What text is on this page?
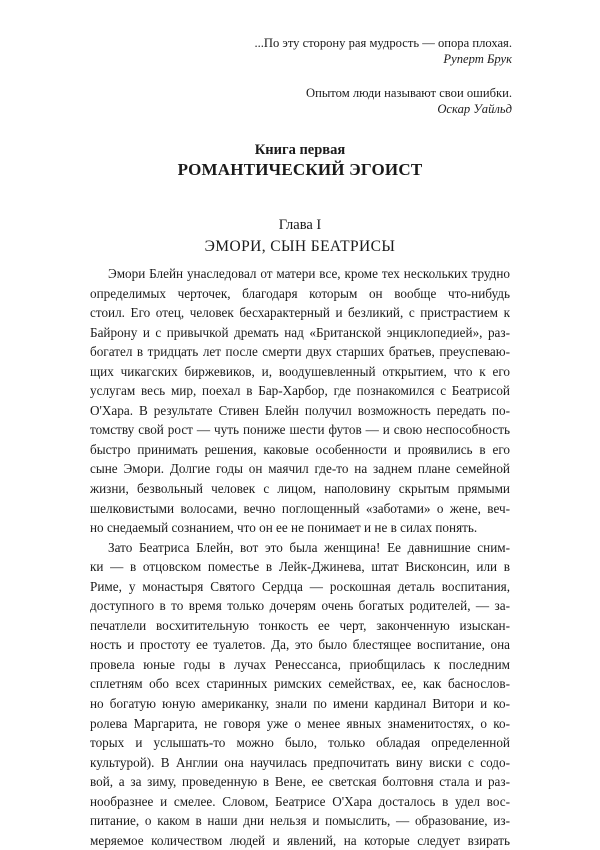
...По эту сторону рая мудрость — опора плохая.
Руперт Брук
Опытом люди называют свои ошибки.
Оскар Уайльд
Книга первая
РОМАНТИЧЕСКИЙ ЭГОИСТ
Глава I
ЭМОРИ, СЫН БЕАТРИСЫ
Эмори Блейн унаследовал от матери все, кроме тех нескольких трудно
определимых черточек, благодаря которым он вообще что-нибудь
стоил. Его отец, человек бесхарактерный и безликий, с пристрастием к
Байрону и с привычкой дремать над «Британской энциклопедией», раз-
богател в тридцать лет после смерти двух старших братьев, преуспеваю-
щих чикагских биржевиков, и, воодушевленный открытием, что к его
услугам весь мир, поехал в Бар-Харбор, где познакомился с Беатрисой
О'Хара. В результате Стивен Блейн получил возможность передать по-
томству свой рост — чуть пониже шести футов — и свою неспособность
быстро принимать решения, каковые особенности и проявились в его
сыне Эмори. Долгие годы он маячил где-то на заднем плане семейной
жизни, безвольный человек с лицом, наполовину скрытым прямыми
шелковистыми волосами, вечно поглощенный «заботами» о жене, веч-
но снедаемый сознанием, что он ее не понимает и не в силах понять.
Зато Беатриса Блейн, вот это была женщина! Ее давнишние сним-
ки — в отцовском поместье в Лейк-Джинева, штат Висконсин, или в
Риме, у монастыря Святого Сердца — роскошная деталь воспитания,
доступного в то время только дочерям очень богатых родителей, — за-
печатлели восхитительную тонкость ее черт, законченную изыскан-
ность и простоту ее туалетов. Да, это было блестящее воспитание, она
провела юные годы в лучах Ренессанса, приобщилась к последним
сплетням обо всех старинных римских семействах, ее, как баснослов-
но богатую юную американку, знали по имени кардинал Витори и ко-
ролева Маргарита, не говоря уже о менее явных знаменитостях, о ко-
торых и услышать-то можно было, только обладая определенной
культурой). В Англии она научилась предпочитать вину виски с содо-
вой, а за зиму, проведенную в Вене, ее светская болтовня стала и раз-
нообразнее и смелее. Словом, Беатрисе О'Хара досталось в удел вос-
питание, о каком в наши дни нельзя и помыслить, — образование, из-
меряемое количеством людей и явлений, на которые следует взирать
